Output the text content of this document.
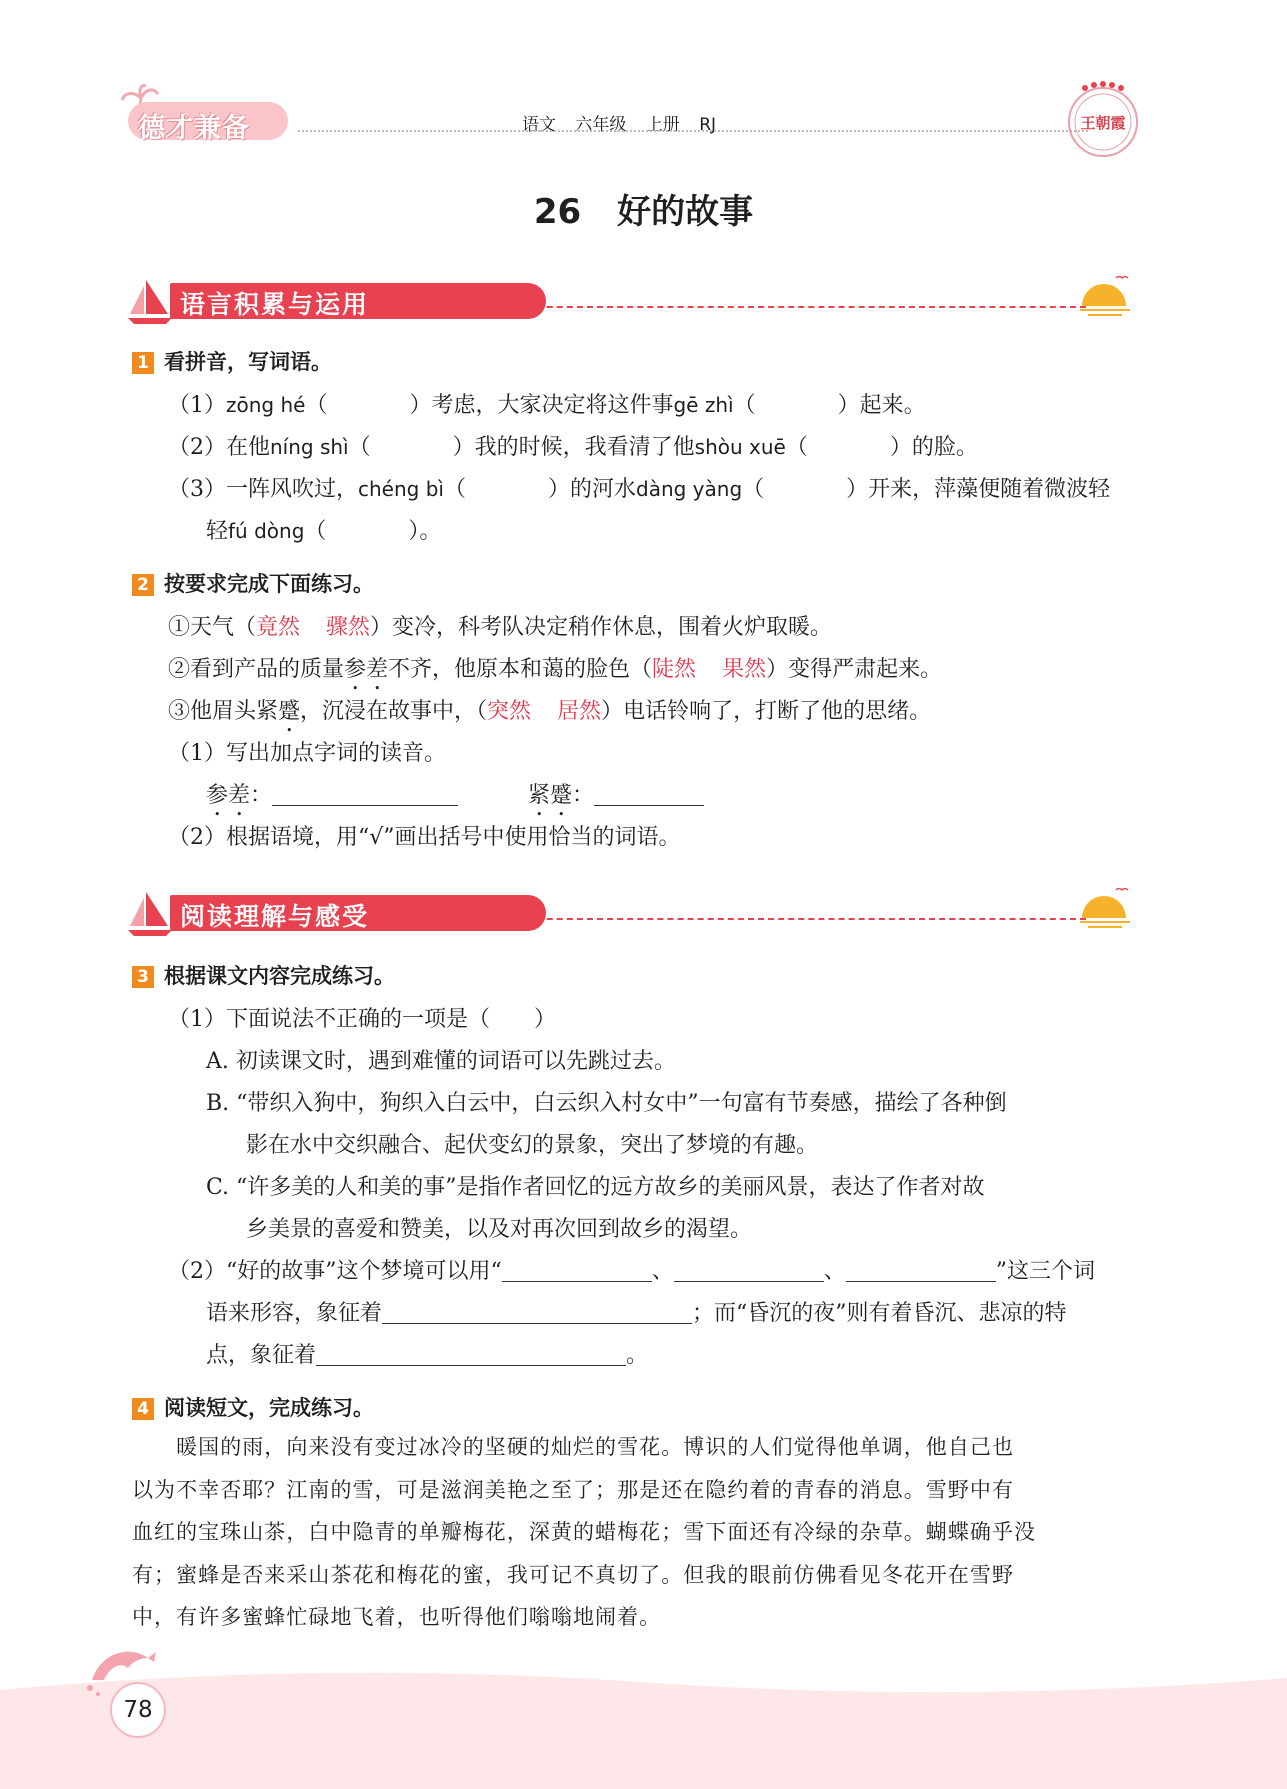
德才兼备	语文 六年级 上册 RJ	王朝霞
26 好的故事
语言积累与运用
1 看拼音，写词语。
（1）zōng hé（	）考虑，大家决定将这件事gē zhì（	）起来。
（2）在他níng shì（	）我的时候，我看清了他shòu xuē（	）的脸。
（3）一阵风吹过，chéng bì（	）的河水dàng yàng（	）开来，萍藻便随着微波轻
轻fú dòng（	）。
2 按要求完成下面练习。
①天气（竟然 骤然）变冷，科考队决定稍作休息，围着火炉取暖。
②看到产品的质量参差不齐，他原本和蔼的脸色（陡然 果然）变得严肃起来。
③他眉头紧蹙，沉浸在故事中，（突然 居然）电话铃响了，打断了他的思绪。
（1）写出加点字词的读音。
参差：	紧蹙：
（2）根据语境，用“√”画出括号中使用恰当的词语。
阅读理解与感受
3 根据课文内容完成练习。
（1）下面说法不正确的一项是（　　）
A. 初读课文时，遇到难懂的词语可以先跳过去。
B. “带织入狗中，狗织入白云中，白云织入村女中”一句富有节奏感，描绘了各种倒
影在水中交织融合、起伏变幻的景象，突出了梦境的有趣。
C. “许多美的人和美的事”是指作者回忆的远方故乡的美丽风景，表达了作者对故
乡美景的喜爱和赞美，以及对再次回到故乡的渴望。
（2）“好的故事”这个梦境可以用“	、	、	”这三个词
语来形容，象征着	；而“昏沉的夜”则有着昏沉、悲凉的特
点，象征着	。
4 阅读短文，完成练习。
　　暖国的雨，向来没有变过冰冷的坚硬的灿烂的雪花。博识的人们觉得他单调，他自己也
以为不幸否耶？江南的雪，可是滋润美艳之至了；那是还在隐约着的青春的消息。雪野中有
血红的宝珠山茶，白中隐青的单瓣梅花，深黄的蜡梅花；雪下面还有冷绿的杂草。蝴蝶确乎没
有；蜜蜂是否来采山茶花和梅花的蜜，我可记不真切了。但我的眼前仿佛看见冬花开在雪野
中，有许多蜜蜂忙碌地飞着，也听得他们嗡嗡地闹着。
78
